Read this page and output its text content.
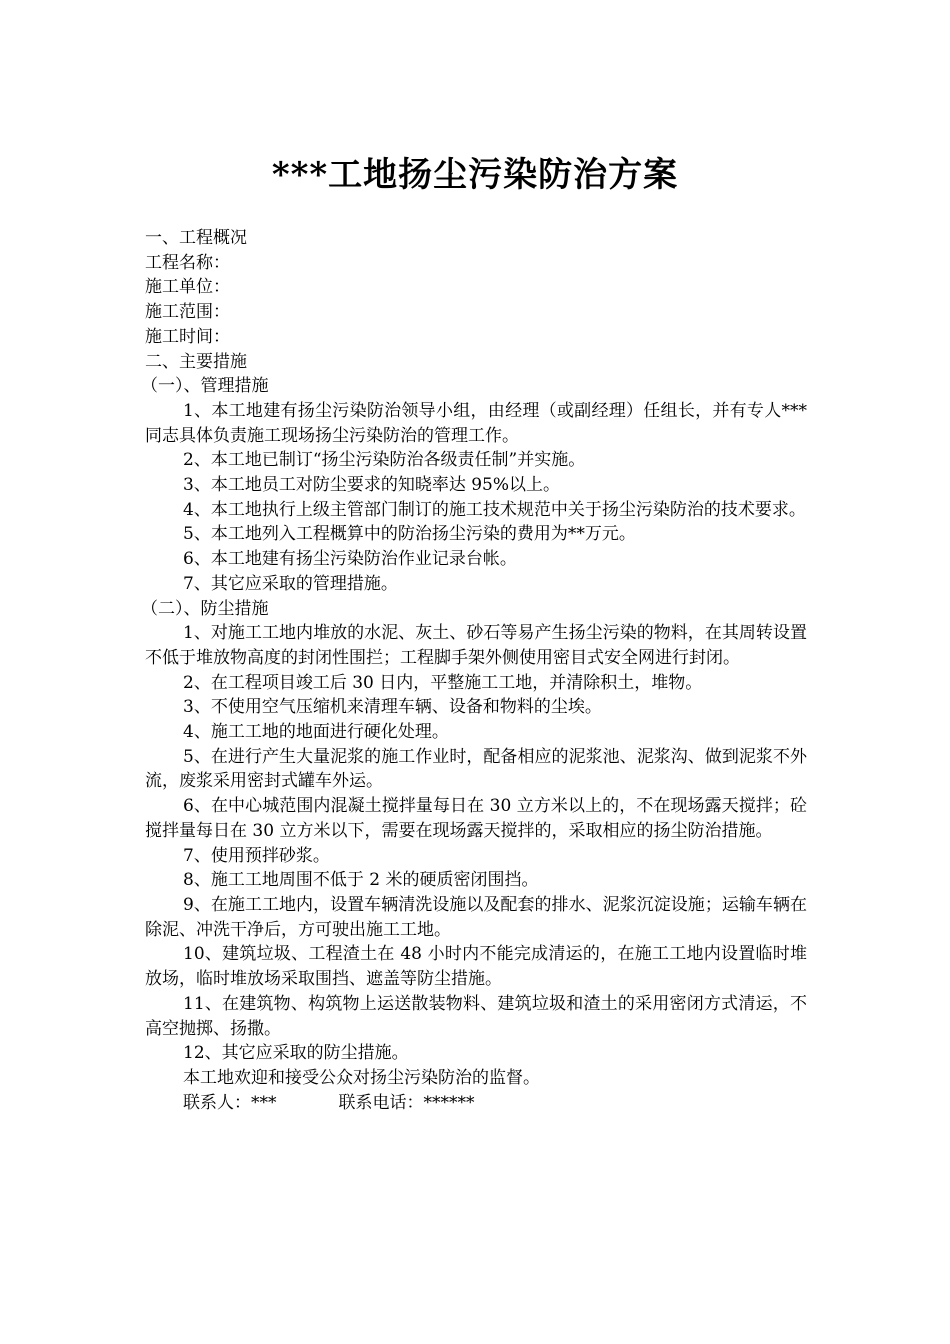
***工地扬尘污染防治方案

一、工程概况

工程名称：

施工单位：

施工范围：

施工时间：

二、主要措施

（一）、管理措施

1、本工地建有扬尘污染防治领导小组，由经理（或副经理）任组长，并有专人***同志具体负责施工现场扬尘污染防治的管理工作。

2、本工地已制订“扬尘污染防治各级责任制”并实施。

3、本工地员工对防尘要求的知晓率达 95%以上。

4、本工地执行上级主管部门制订的施工技术规范中关于扬尘污染防治的技术要求。

5、本工地列入工程概算中的防治扬尘污染的费用为**万元。

6、本工地建有扬尘污染防治作业记录台帐。

7、其它应采取的管理措施。

（二）、防尘措施

1、对施工工地内堆放的水泥、灰土、砂石等易产生扬尘污染的物料，在其周转设置不低于堆放物高度的封闭性围拦；工程脚手架外侧使用密目式安全网进行封闭。

2、在工程项目竣工后 30 日内，平整施工工地，并清除积土，堆物。

3、不使用空气压缩机来清理车辆、设备和物料的尘埃。

4、施工工地的地面进行硬化处理。

5、在进行产生大量泥浆的施工作业时，配备相应的泥浆池、泥浆沟、做到泥浆不外流，废浆采用密封式罐车外运。

6、在中心城范围内混凝土搅拌量每日在 30 立方米以上的，不在现场露天搅拌；砼搅拌量每日在 30 立方米以下，需要在现场露天搅拌的，采取相应的扬尘防治措施。

7、使用预拌砂浆。

8、施工工地周围不低于 2 米的硬质密闭围挡。

9、在施工工地内，设置车辆清洗设施以及配套的排水、泥浆沉淀设施；运输车辆在除泥、冲洗干净后，方可驶出施工工地。

10、建筑垃圾、工程渣土在 48 小时内不能完成清运的，在施工工地内设置临时堆放场，临时堆放场采取围挡、遮盖等防尘措施。

11、在建筑物、构筑物上运送散装物料、建筑垃圾和渣土的采用密闭方式清运，不高空抛掷、扬撒。

12、其它应采取的防尘措施。

本工地欢迎和接受公众对扬尘污染防治的监督。

联系人：***	联系电话：******
